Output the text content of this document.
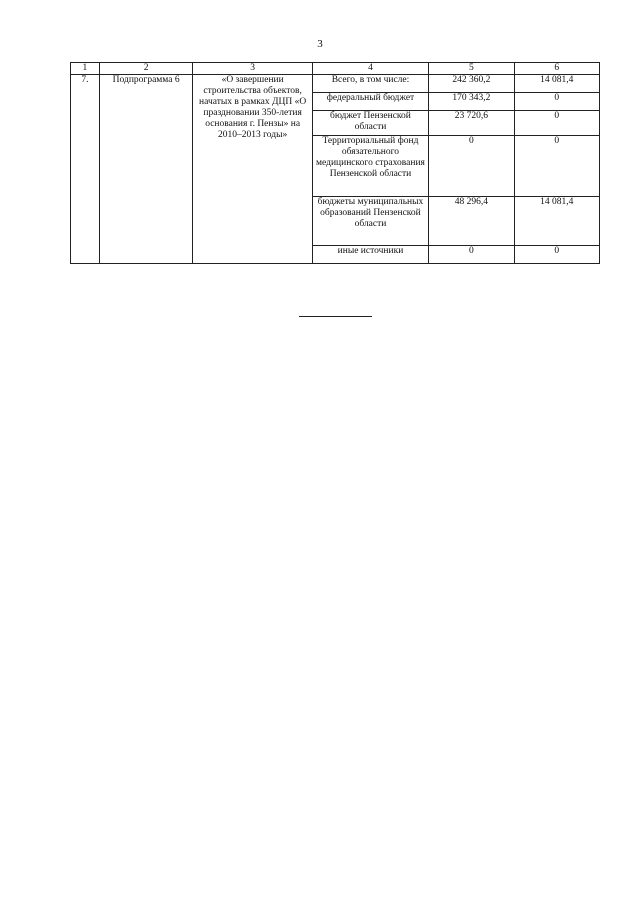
3
1	2	3	4	5	6
7.	Подпрограмма 6	«О завершении строительства объектов, начатых в рамках ДЦП «О праздновании 350-летия основания г. Пензы» на 2010–2013 годы»	Всего, в том числе:	242 360,2	14 081,4
			федеральный бюджет	170 343,2	0
			бюджет Пензенской области	23 720,6	0
			Территориальный фонд обязательного медицинского страхования Пензенской области	0	0
			бюджеты муниципальных образований Пензенской области	48 296,4	14 081,4
			иные источники	0	0
